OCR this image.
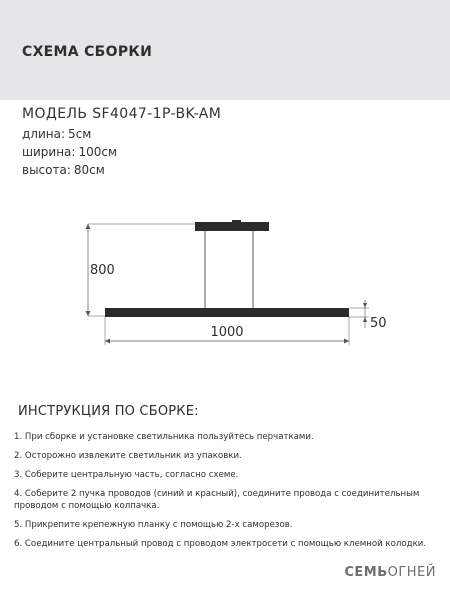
СХЕМА СБОРКИ
МОДЕЛЬ SF4047-1P-BK-AM
длина: 5см
ширина: 100см
высота: 80см
800
1000
50
ИНСТРУКЦИЯ ПО СБОРКЕ:
1. При сборке и установке светильника пользуйтесь перчатками.
2. Осторожно извлеките светильник из упаковки.
3. Соберите центральную часть, согласно схеме.
4. Соберите 2 пучка проводов (синий и красный), соедините провода с соединительным
проводом с помощью колпачка.
5. Прикрепите крепежную планку с помощью 2-х саморезов.
6. Соедините центральный провод с проводом электросети с помощью клемной колодки.
СЕМЬОГНЕЙ
